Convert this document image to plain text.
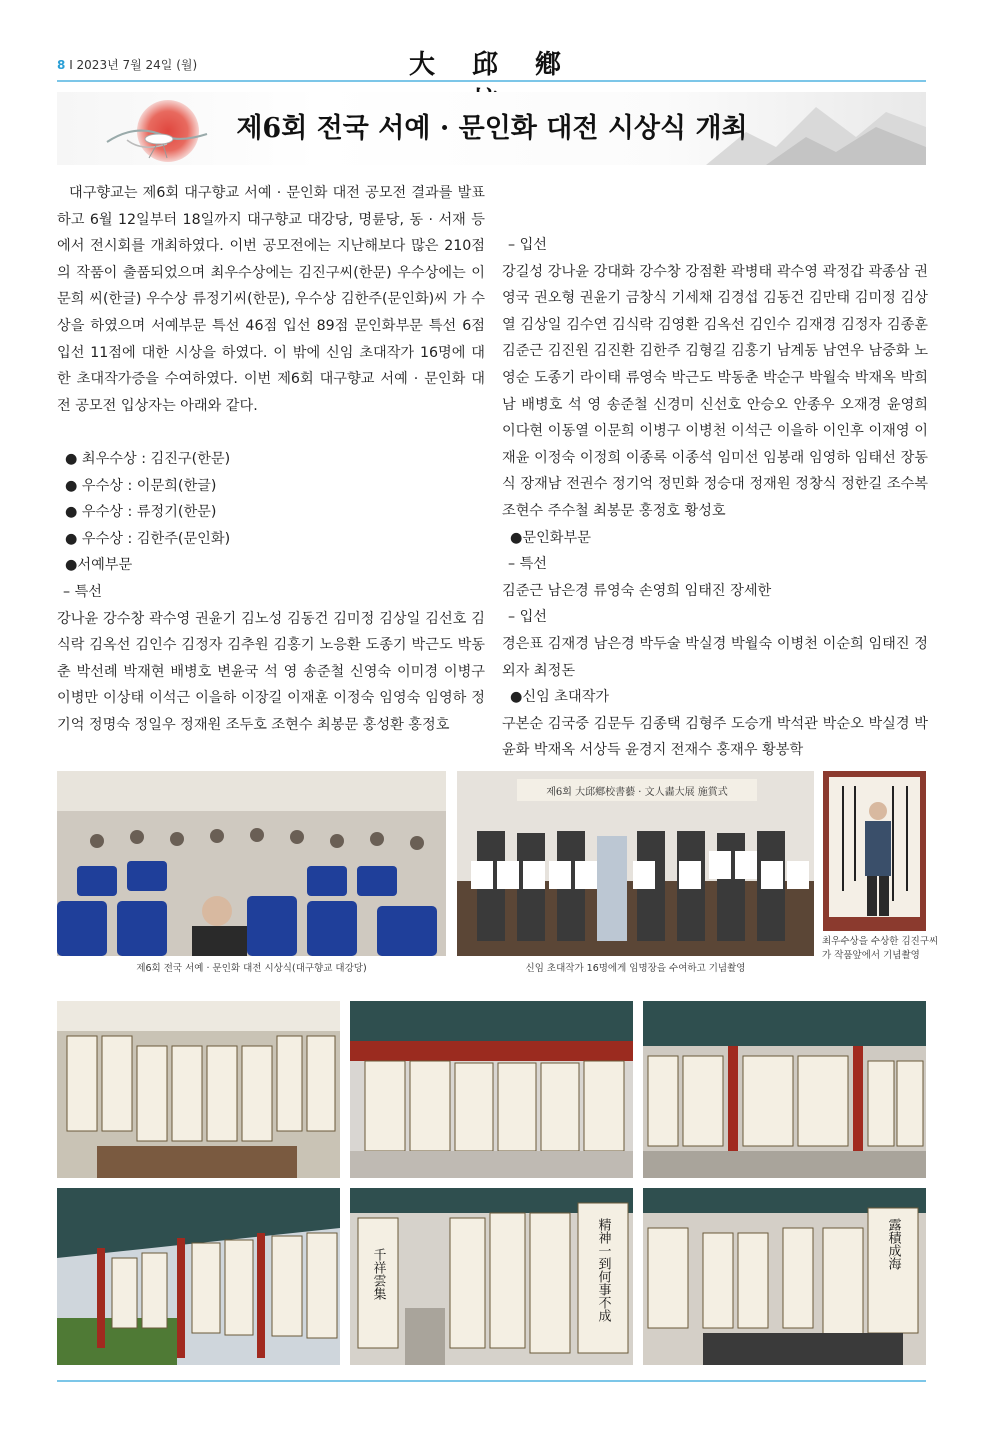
8 I 2023년 7월 24일 (월)	大 邱 鄕
제6회 전국 서예 · 문인화 대전 시상식 개최

대구향교는 제6회 대구향교 서예 · 문인화 대전 공모전 결과를 발표하고 6월 12일부터 18일까지 대구향교 대강당, 명륜당, 동 · 서재 등에서 전시회를 개최하였다. 이번 공모전에는 지난해보다 많은 210점의 작품이 출품되었으며 최우수상에는 김진구씨(한문) 우수상에는 이문희 씨(한글) 우수상 류정기씨(한문), 우수상 김한주(문인화)씨 가 수상을 하였으며 서예부문 특선 46점 입선 89점 문인화부문 특선 6점 입선 11점에 대한 시상을 하였다. 이 밖에 신임 초대작가 16명에 대한 초대작가증을 수여하였다. 이번 제6회 대구향교 서예 · 문인화 대전 공모전 입상자는 아래와 같다.

● 최우수상 : 김진구(한문)

● 우수상 : 이문희(한글)

● 우수상 : 류정기(한문)

● 우수상 : 김한주(문인화)

●서예부문

– 특선

강나윤 강수창 곽수영 권윤기 김노성 김동건 김미정 김상일 김선호 김식락 김옥선 김인수 김정자 김추원 김홍기 노응환 도종기 박근도 박동춘 박선례 박재현 배병호 변윤국 석 영 송준철 신영숙 이미경 이병구 이병만 이상태 이석근 이을하 이장길 이재훈 이정숙 임영숙 임영하 정기억 정명숙 정일우 정재원 조두호 조현수 최봉문 홍성환 홍정호

– 입선

강길성 강나윤 강대화 강수창 강점환 곽병태 곽수영 곽정갑 곽종삼 권영국 권오형 권윤기 금창식 기세채 김경섭 김동건 김만태 김미정 김상열 김상일 김수연 김식락 김영환 김옥선 김인수 김재경 김정자 김종훈 김준근 김진원 김진환 김한주 김형길 김홍기 남계동 남연우 남중화 노영순 도종기 라이태 류영숙 박근도 박동춘 박순구 박월숙 박재옥 박희남 배병호 석 영 송준철 신경미 신선호 안승오 안종우 오재경 윤영희 이다현 이동열 이문희 이병구 이병천 이석근 이을하 이인후 이재영 이재윤 이정숙 이정희 이종록 이종석 임미선 임봉래 임영하 임태선 장동식 장재남 전권수 정기억 정민화 정승대 정재원 정창식 정한길 조수복 조현수 주수철 최봉문 홍정호 황성호

●문인화부문

– 특선

김준근 남은경 류영숙 손영희 임태진 장세한

– 입선

경은표 김재경 남은경 박두술 박실경 박월숙 이병천 이순희 임태진 정외자 최정돈

●신임 초대작가

구본순 김국중 김문두 김종택 김형주 도승개 박석관 박순오 박실경 박윤화 박재옥 서상득 윤경지 전재수 홍재우 황봉학

제6회 전국 서예 · 문인화 대전 시상식(대구향교 대강당)
제6회 大邱鄕校書藝 · 文人畵大展 施賞式
신임 초대작가 16명에게 임명장을 수여하고 기념촬영
최우수상을 수상한 김진구씨가 작품앞에서 기념촬영
千祥雲集	精神一到何事不成	露積成海
